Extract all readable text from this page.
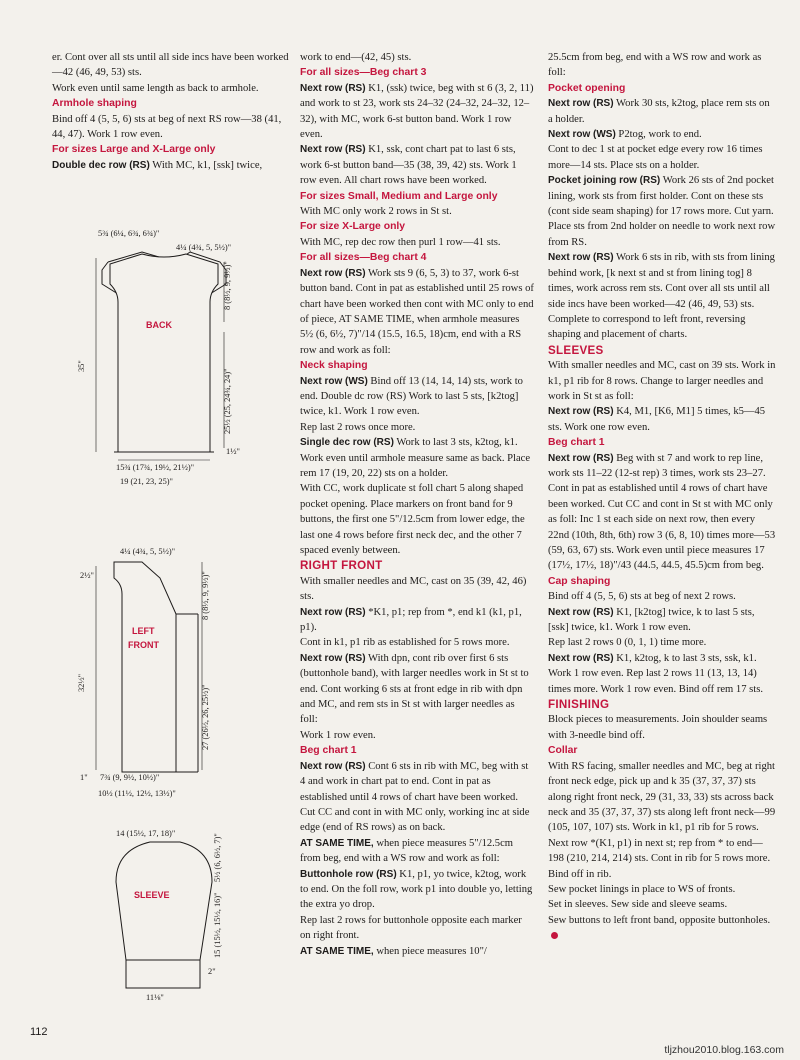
er. Cont over all sts until all side incs have been worked—42 (46, 49, 53) sts.

Work even until same length as back to armhole.

Armhole shaping

Bind off 4 (5, 5, 6) sts at beg of next RS row—38 (41, 44, 47). Work 1 row even.

For sizes Large and X-Large only

Double dec row (RS) With MC, k1, [ssk] twice,

work to end—(42, 45) sts.

For all sizes—Beg chart 3

Next row (RS) K1, (ssk) twice, beg with st 6 (3, 2, 11) and work to st 23, work sts 24–32 (24–32, 24–32, 12–32), with MC, work 6-st button band. Work 1 row even.

Next row (RS) K1, ssk, cont chart pat to last 6 sts, work 6-st button band—35 (38, 39, 42) sts. Work 1 row even. All chart rows have been worked.

For sizes Small, Medium and Large only

With MC only work 2 rows in St st.

For size X-Large only

With MC, rep dec row then purl 1 row—41 sts.

For all sizes—Beg chart 4

Next row (RS) Work sts 9 (6, 5, 3) to 37, work 6-st button band. Cont in pat as established until 25 rows of chart have been worked then cont with MC only to end of piece, AT SAME TIME, when armhole measures 5½ (6, 6½, 7)"/14 (15.5, 16.5, 18)cm, end with a RS row and work as foll:

Neck shaping

Next row (WS) Bind off 13 (14, 14, 14) sts, work to end. Double dc row (RS) Work to last 5 sts, [k2tog] twice, k1. Work 1 row even.

Rep last 2 rows once more.

Single dec row (RS) Work to last 3 sts, k2tog, k1. Work even until armhole measure same as back. Place rem 17 (19, 20, 22) sts on a holder.

With CC, work duplicate st foll chart 5 along shaped pocket opening. Place markers on front band for 9 buttons, the first one 5"/12.5cm from lower edge, the last one 4 rows before first neck dec, and the other 7 spaced evenly between.

RIGHT FRONT

With smaller needles and MC, cast on 35 (39, 42, 46) sts.

Next row (RS) *K1, p1; rep from *, end k1 (k1, p1, p1).

Cont in k1, p1 rib as established for 5 rows more.

Next row (RS) With dpn, cont rib over first 6 sts (buttonhole band), with larger needles work in St st to end. Cont working 6 sts at front edge in rib with dpn and MC, and rem sts in St st with larger needles as foll:

Work 1 row even.

Beg chart 1

Next row (RS) Cont 6 sts in rib with MC, beg with st 4 and work in chart pat to end. Cont in pat as established until 4 rows of chart have been worked. Cut CC and cont in with MC only, working inc at side edge (end of RS rows) as on back.

AT SAME TIME, when piece measures 5"/12.5cm from beg, end with a WS row and work as foll:

Buttonhole row (RS) K1, p1, yo twice, k2tog, work to end. On the foll row, work p1 into double yo, letting the extra yo drop.

Rep last 2 rows for buttonhole opposite each marker on right front.

AT SAME TIME, when piece measures 10"/

25.5cm from beg, end with a WS row and work as foll:

Pocket opening

Next row (RS) Work 30 sts, k2tog, place rem sts on a holder.

Next row (WS) P2tog, work to end.

Cont to dec 1 st at pocket edge every row 16 times more—14 sts. Place sts on a holder.

Pocket joining row (RS) Work 26 sts of 2nd pocket lining, work sts from first holder. Cont on these sts (cont side seam shaping) for 17 rows more. Cut yarn. Place sts from 2nd holder on needle to work next row from RS.

Next row (RS) Work 6 sts in rib, with sts from lining behind work, [k next st and st from lining tog] 8 times, work across rem sts. Cont over all sts until all side incs have been worked—42 (46, 49, 53) sts.

Complete to correspond to left front, reversing shaping and placement of charts.

SLEEVES

With smaller needles and MC, cast on 39 sts. Work in k1, p1 rib for 8 rows. Change to larger needles and work in St st as foll:

Next row (RS) K4, M1, [K6, M1] 5 times, k5—45 sts. Work one row even.

Beg chart 1

Next row (RS) Beg with st 7 and work to rep line, work sts 11–22 (12-st rep) 3 times, work sts 23–27. Cont in pat as established until 4 rows of chart have been worked. Cut CC and cont in St st with MC only as foll: Inc 1 st each side on next row, then every 22nd (10th, 8th, 6th) row 3 (6, 8, 10) times more—53 (59, 63, 67) sts. Work even until piece measures 17 (17½, 17½, 18)"/43 (44.5, 44.5, 45.5)cm from beg.

Cap shaping

Bind off 4 (5, 5, 6) sts at beg of next 2 rows.

Next row (RS) K1, [k2tog] twice, k to last 5 sts, [ssk] twice, k1. Work 1 row even.

Rep last 2 rows 0 (0, 1, 1) time more.

Next row (RS) K1, k2tog, k to last 3 sts, ssk, k1. Work 1 row even. Rep last 2 rows 11 (13, 13, 14) times more. Work 1 row even. Bind off rem 17 sts.

FINISHING

Block pieces to measurements. Join shoulder seams with 3-needle bind off.

Collar

With RS facing, smaller needles and MC, beg at right front neck edge, pick up and k 35 (37, 37, 37) sts along right front neck, 29 (31, 33, 33) sts across back neck and 35 (37, 37, 37) sts along left front neck—99 (105, 107, 107) sts. Work in k1, p1 rib for 5 rows. Next row *(K1, p1) in next st; rep from * to end—198 (210, 214, 214) sts. Cont in rib for 5 rows more. Bind off in rib.

Sew pocket linings in place to WS of fronts.

Set in sleeves. Sew side and sleeve seams.

Sew buttons to left front band, opposite buttonholes.

BACK
5¾ (6¼, 6¾, 6¾)"
4¼ (4¾, 5, 5½)"
15¾ (17¾, 19½, 21½)"
19 (21, 23, 25)"
1½"
8 (8½, 9, 9½)"
25½ (25, 24¾, 24)"
35"
LEFT
FRONT
4¼ (4¾, 5, 5½)"
2½"	8 (8½, 9, 9½)"
27 (26½, 26, 25½)"
32½"
1" 7¾ (9, 9½, 10½)"
10½ (11½, 12½, 13½)"
SLEEVE
14 (15½, 17, 18)"	5½ (6, 6½, 7)"
15 (15½, 15½, 16)"
2"
11⅛"
112
tljzhou2010.blog.163.com
